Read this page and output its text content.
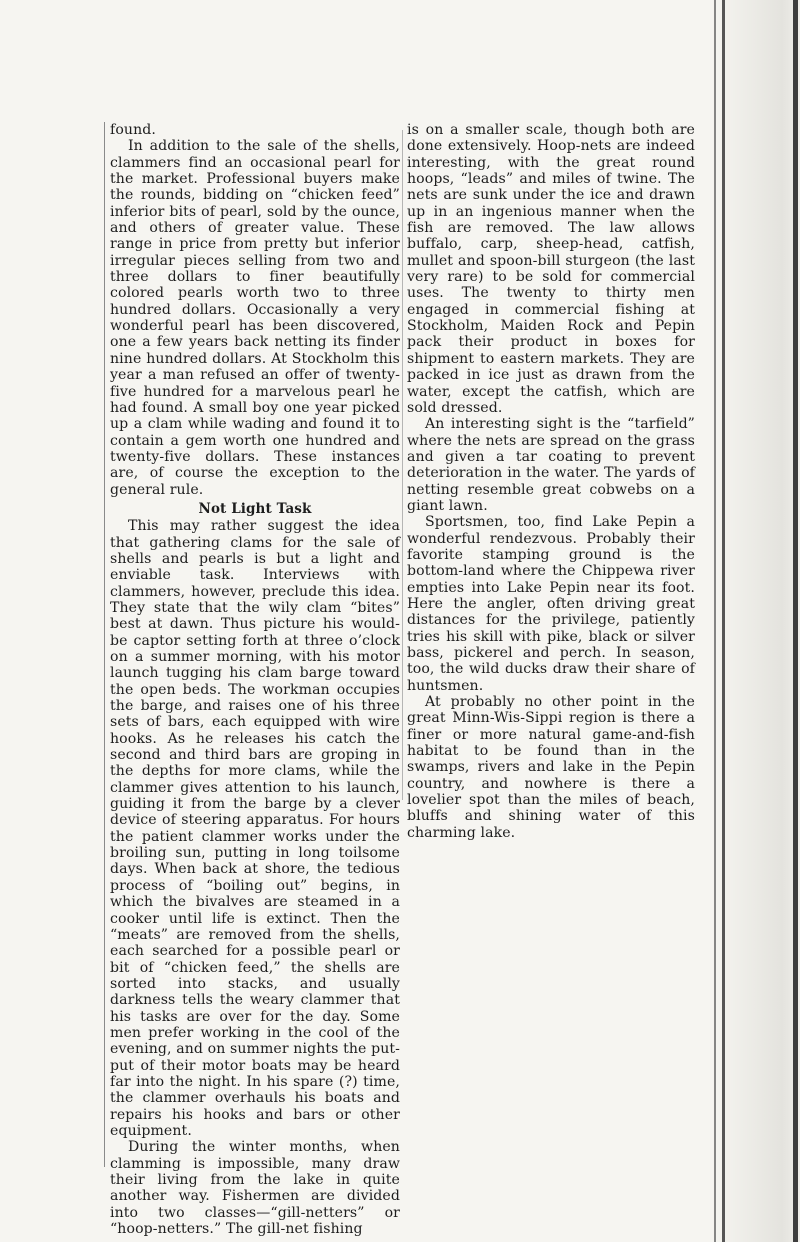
found.

In addition to the sale of the shells, clammers find an occasional pearl for the market. Professional buyers make the rounds, bidding on “chicken feed” inferior bits of pearl, sold by the ounce, and others of greater value. These range in price from pretty but inferior irregular pieces selling from two and three dollars to finer beautifully colored pearls worth two to three hundred dollars. Occasionally a very wonderful pearl has been discovered, one a few years back netting its finder nine hundred dollars. At Stockholm this year a man refused an offer of twenty-five hundred for a marvelous pearl he had found. A small boy one year picked up a clam while wading and found it to contain a gem worth one hundred and twenty-five dollars. These instances are, of course the exception to the general rule.

Not Light Task

This may rather suggest the idea that gathering clams for the sale of shells and pearls is but a light and enviable task. Interviews with clammers, however, preclude this idea. They state that the wily clam “bites” best at dawn. Thus picture his would-be captor setting forth at three o’clock on a summer morning, with his motor launch tugging his clam barge toward the open beds. The workman occupies the barge, and raises one of his three sets of bars, each equipped with wire hooks. As he releases his catch the second and third bars are groping in the depths for more clams, while the clammer gives attention to his launch, guiding it from the barge by a clever device of steering apparatus. For hours the patient clammer works under the broiling sun, putting in long toilsome days. When back at shore, the tedious process of “boiling out” begins, in which the bivalves are steamed in a cooker until life is extinct. Then the “meats” are removed from the shells, each searched for a possible pearl or bit of “chicken feed,” the shells are sorted into stacks, and usually darkness tells the weary clammer that his tasks are over for the day. Some men prefer working in the cool of the evening, and on summer nights the put-put of their motor boats may be heard far into the night. In his spare (?) time, the clammer overhauls his boats and repairs his hooks and bars or other equipment.

During the winter months, when clamming is impossible, many draw their living from the lake in quite another way. Fishermen are divided into two classes—“gill-netters” or “hoop-netters.” The gill-net fishing

is on a smaller scale, though both are done extensively. Hoop-nets are indeed interesting, with the great round hoops, “leads” and miles of twine. The nets are sunk under the ice and drawn up in an ingenious manner when the fish are removed. The law allows buffalo, carp, sheep-head, catfish, mullet and spoon-bill sturgeon (the last very rare) to be sold for commercial uses. The twenty to thirty men engaged in commercial fishing at Stockholm, Maiden Rock and Pepin pack their product in boxes for shipment to eastern markets. They are packed in ice just as drawn from the water, except the catfish, which are sold dressed.

An interesting sight is the “tarfield” where the nets are spread on the grass and given a tar coating to prevent deterioration in the water. The yards of netting resemble great cobwebs on a giant lawn.

Sportsmen, too, find Lake Pepin a wonderful rendezvous. Probably their favorite stamping ground is the bottom-land where the Chippewa river empties into Lake Pepin near its foot. Here the angler, often driving great distances for the privilege, patiently tries his skill with pike, black or silver bass, pickerel and perch. In season, too, the wild ducks draw their share of huntsmen.

At probably no other point in the great Minn-Wis-Sippi region is there a finer or more natural game-and-fish habitat to be found than in the swamps, rivers and lake in the Pepin country, and nowhere is there a lovelier spot than the miles of beach, bluffs and shining water of this charming lake.
